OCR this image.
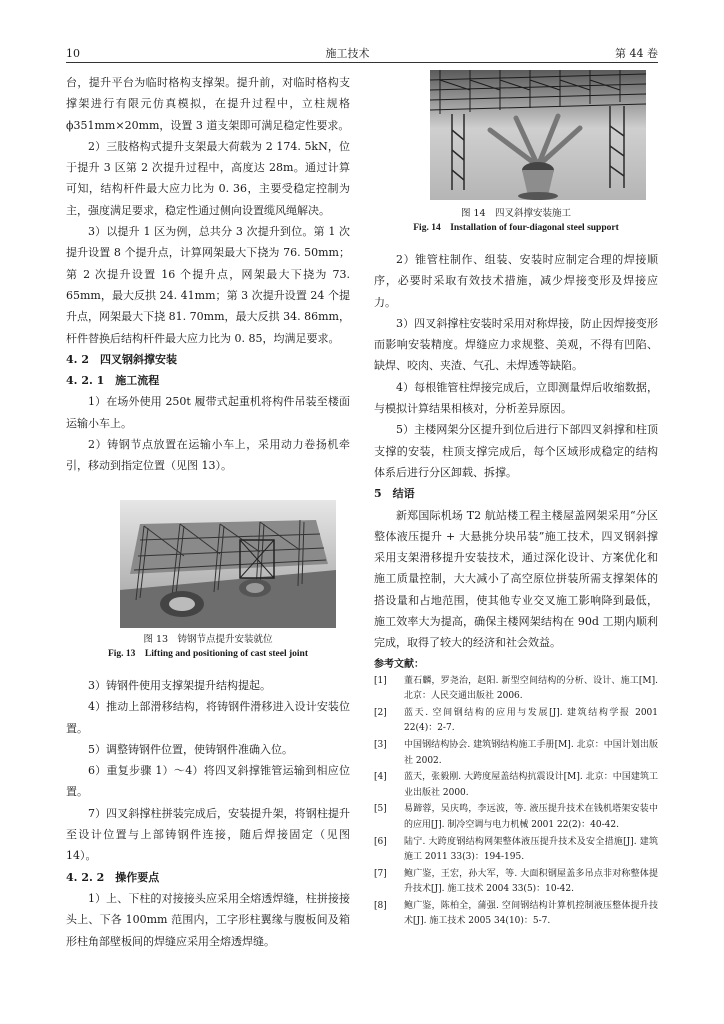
10	施工技术	第 44 卷

台，提升平台为临时格构支撑架。提升前，对临时格构支撑架进行有限元仿真模拟，在提升过程中，立柱规格 ϕ351mm×20mm，设置 3 道支架即可满足稳定性要求。

2）三肢格构式提升支架最大荷载为 2 174. 5kN，位于提升 3 区第 2 次提升过程中，高度达 28m。通过计算可知，结构杆件最大应力比为 0. 36，主要受稳定控制为主，强度满足要求，稳定性通过侧向设置缆风绳解决。

3）以提升 1 区为例，总共分 3 次提升到位。第 1 次提升设置 8 个提升点，计算网架最大下挠为 76. 50mm；第 2 次提升设置 16 个提升点，网架最大下挠为 73. 65mm，最大反拱 24. 41mm；第 3 次提升设置 24 个提升点，网架最大下挠 81. 70mm，最大反拱 34. 86mm，杆件替换后结构杆件最大应力比为 0. 85，均满足要求。

4. 2　四叉钢斜撑安装

4. 2. 1　施工流程

1）在场外使用 250t 履带式起重机将构件吊装至楼面运输小车上。

2）铸钢节点放置在运输小车上，采用动力卷扬机牵引，移动到指定位置（见图 13）。

图 13　铸钢节点提升安装就位
Fig. 13　Lifting and positioning of cast steel joint

3）铸钢件使用支撑架提升结构提起。

4）推动上部滑移结构，将铸钢件滑移进入设计安装位置。

5）调整铸钢件位置，使铸钢件准确入位。

6）重复步骤 1）～4）将四叉斜撑锥管运输到相应位置。

7）四叉斜撑柱拼装完成后，安装提升架，将钢柱提升至设计位置与上部铸钢件连接，随后焊接固定（见图 14）。

4. 2. 2　操作要点

1）上、下柱的对接接头应采用全熔透焊缝，柱拼接接头上、下各 100mm 范围内，工字形柱翼缘与腹板间及箱形柱角部壁板间的焊缝应采用全熔透焊缝。

图 14　四叉斜撑安装施工
Fig. 14　Installation of four-diagonal steel support

2）锥管柱制作、组装、安装时应制定合理的焊接顺序，必要时采取有效技术措施，减少焊接变形及焊接应力。

3）四叉斜撑柱安装时采用对称焊接，防止因焊接变形而影响安装精度。焊缝应力求规整、美观，不得有凹陷、缺焊、咬肉、夹渣、气孔、未焊透等缺陷。

4）每根锥管柱焊接完成后，立即测量焊后收缩数据，与模拟计算结果相核对，分析差异原因。

5）主楼网架分区提升到位后进行下部四叉斜撑和柱顶支撑的安装，柱顶支撑完成后，每个区域形成稳定的结构体系后进行分区卸载、拆撑。

5　结语

新郑国际机场 T2 航站楼工程主楼屋盖网架采用“分区整体液压提升 + 大悬挑分块吊装”施工技术，四叉钢斜撑采用支架滑移提升安装技术，通过深化设计、方案优化和施工质量控制，大大减小了高空原位拼装所需支撑架体的搭设量和占地范围，使其他专业交叉施工影响降到最低，施工效率大为提高，确保主楼网架结构在 90d 工期内顺利完成，取得了较大的经济和社会效益。

参考文献：
[1]	董石麟，罗尧治，赵阳. 新型空间结构的分析、设计、施工[M]. 北京：人民交通出版社 2006.
[2]	蓝天. 空间钢结构的应用与发展[J]. 建筑结构学报 2001 22(4)：2-7.
[3]	中国钢结构协会. 建筑钢结构施工手册[M]. 北京：中国计划出版社 2002.
[4]	蓝天，张毅刚. 大跨度屋盖结构抗震设计[M]. 北京：中国建筑工业出版社 2000.
[5]	易蹄蓉，吴庆鸣，李远波，等. 液压提升技术在钱机塔架安装中的应用[J]. 制冷空调与电力机械 2001 22(2)：40-42.
[6]	陆宁. 大跨度钢结构网架整体液压提升技术及安全措施[J]. 建筑施工 2011 33(3)：194-195.
[7]	鲍广鉴，王宏，孙大军，等. 大面积钢屋盖多吊点非对称整体提升技术[J]. 施工技术 2004 33(5)：10-42.
[8]	鲍广鉴，陈柏全，蒲强. 空间钢结构计算机控制液压整体提升技术[J]. 施工技术 2005 34(10)：5-7.
